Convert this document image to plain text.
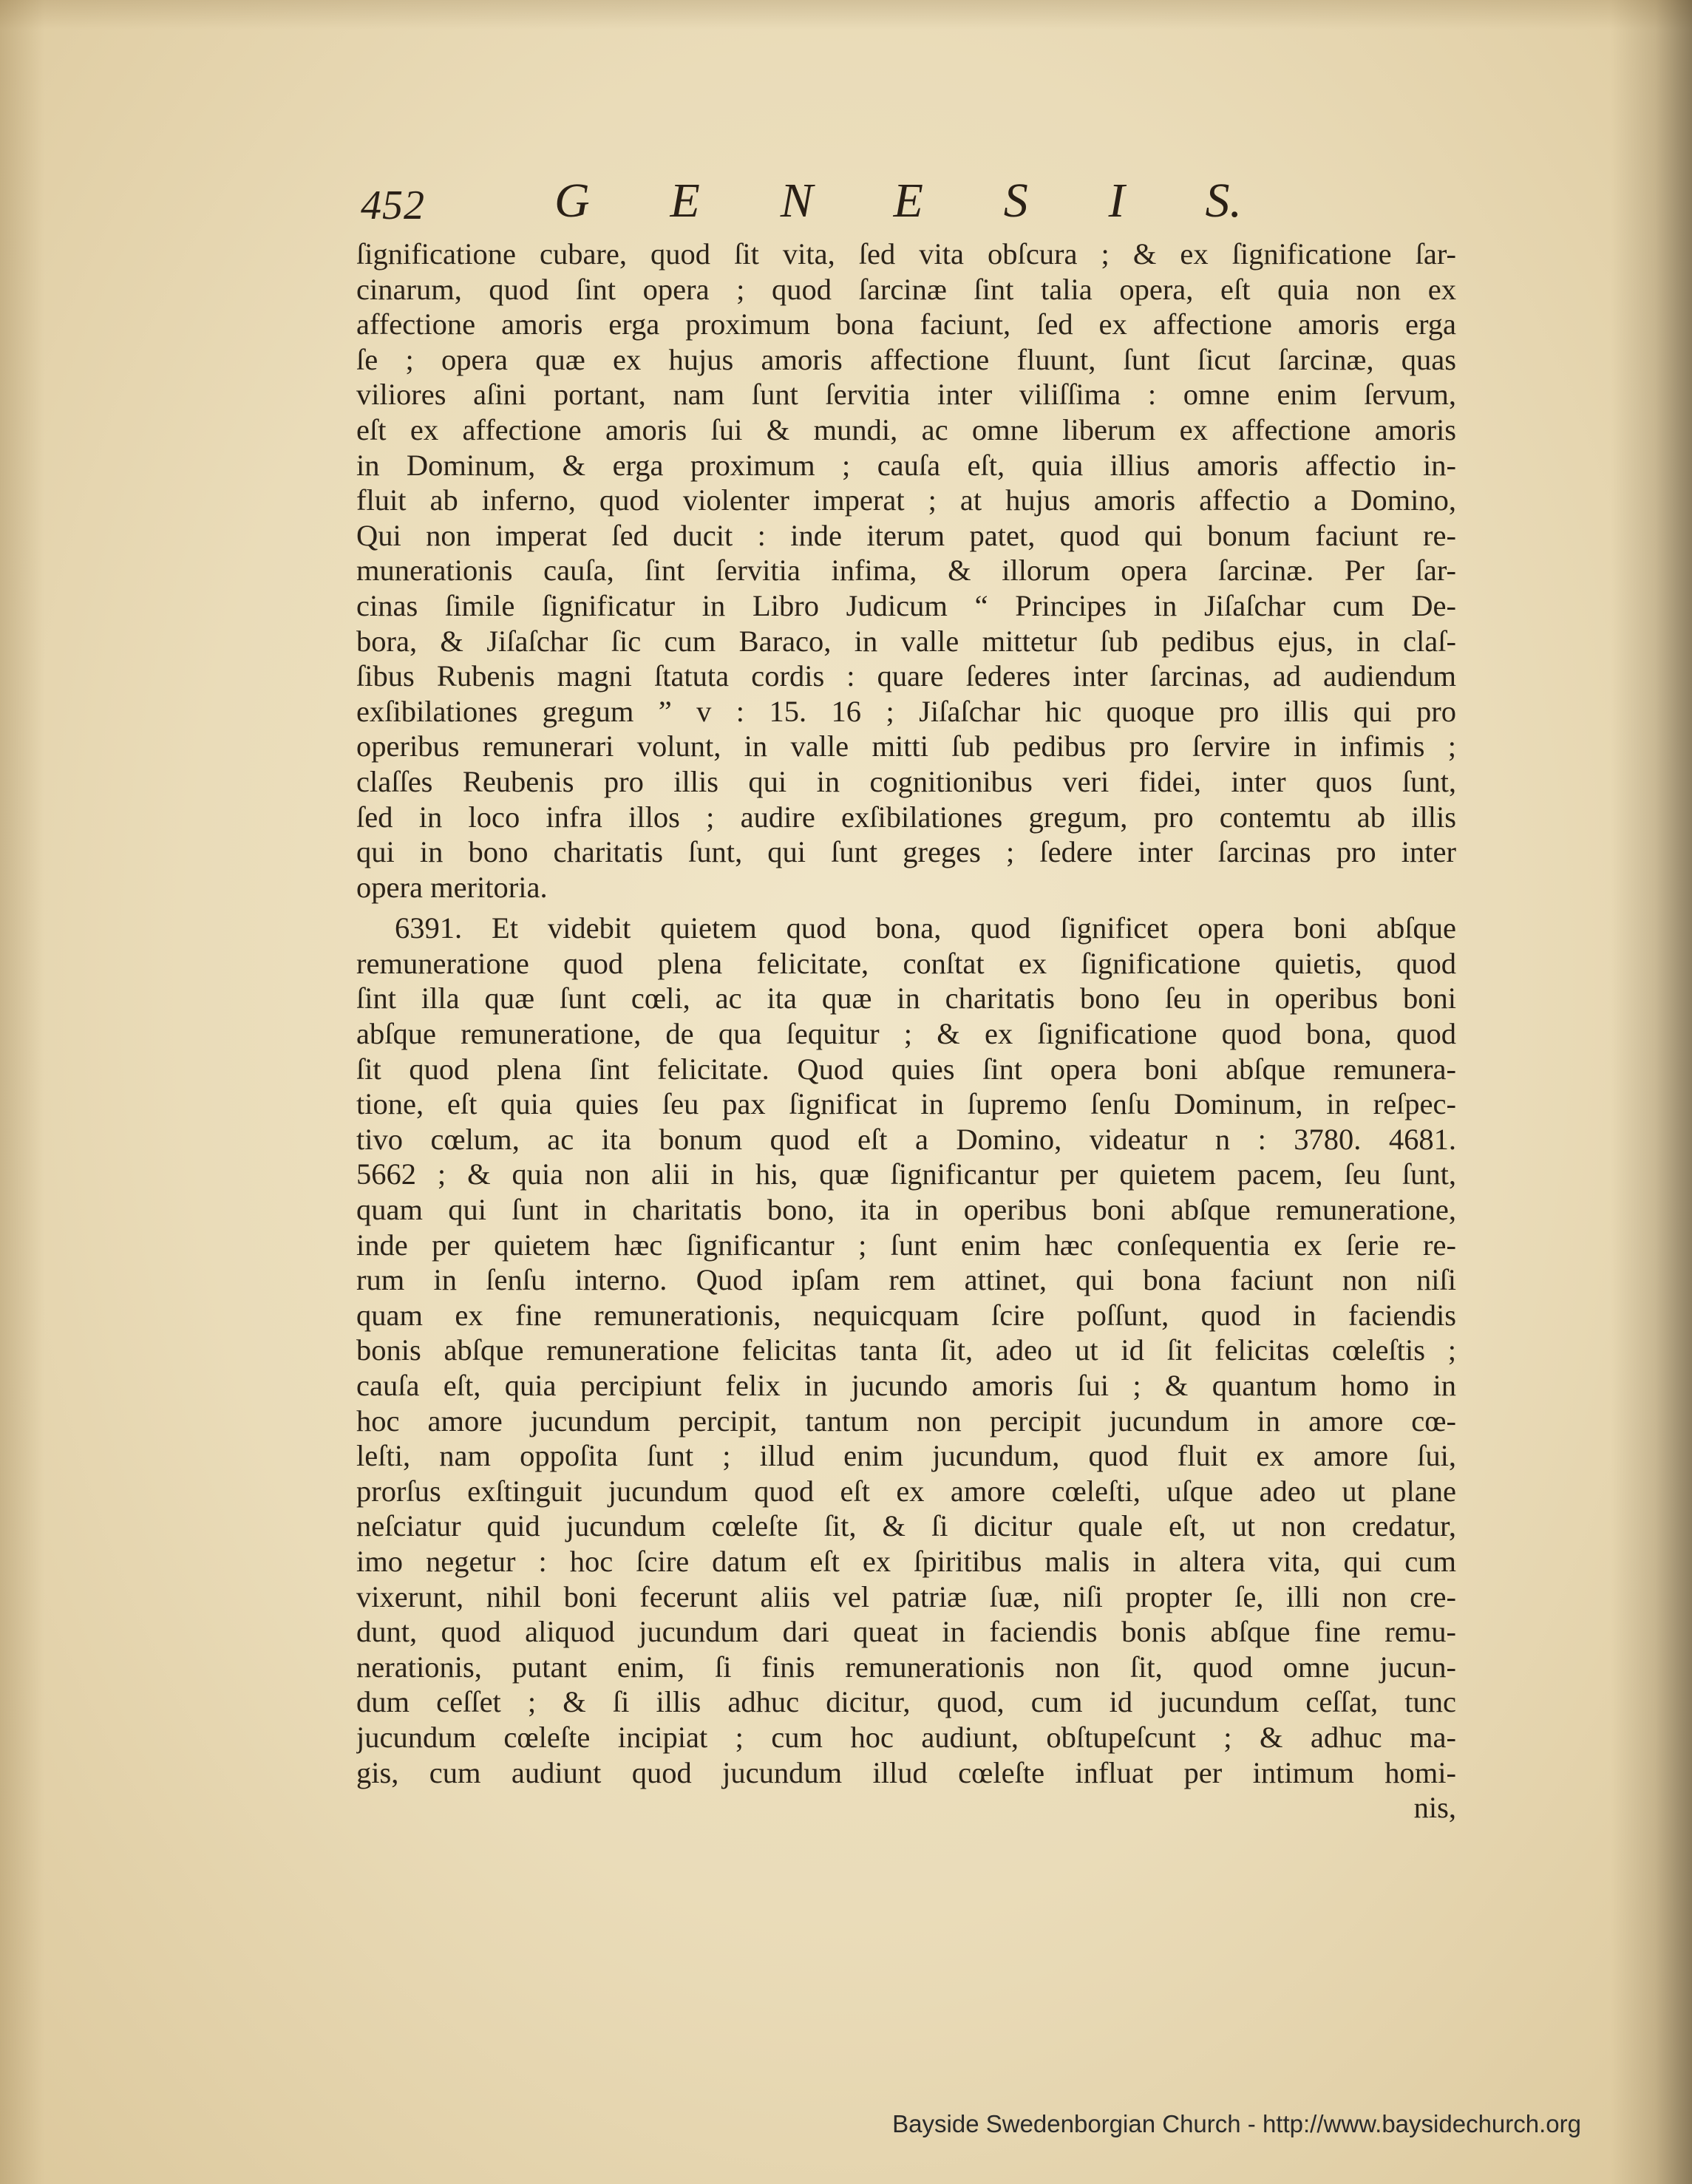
452	G E N E S I S.
ſignificatione cubare, quod ſit vita, ſed vita obſcura ; & ex ſignificatione ſar-
cinarum, quod ſint opera ; quod ſarcinæ ſint talia opera, eſt quia non ex
affectione amoris erga proximum bona faciunt, ſed ex affectione amoris erga
ſe ; opera quæ ex hujus amoris affectione fluunt, ſunt ſicut ſarcinæ, quas
viliores aſini portant, nam ſunt ſervitia inter viliſſima : omne enim ſervum,
eſt ex affectione amoris ſui & mundi, ac omne liberum ex affectione amoris
in Dominum, & erga proximum ; cauſa eſt, quia illius amoris affectio in-
fluit ab inferno, quod violenter imperat ; at hujus amoris affectio a Domino,
Qui non imperat ſed ducit : inde iterum patet, quod qui bonum faciunt re-
munerationis cauſa, ſint ſervitia infima, & illorum opera ſarcinæ. Per ſar-
cinas ſimile ſignificatur in Libro Judicum “ Principes in Jiſaſchar cum De-
bora, & Jiſaſchar ſic cum Baraco, in valle mittetur ſub pedibus ejus, in claſ-
ſibus Rubenis magni ſtatuta cordis : quare ſederes inter ſarcinas, ad audiendum
exſibilationes gregum ” v : 15. 16 ; Jiſaſchar hic quoque pro illis qui pro
operibus remunerari volunt, in valle mitti ſub pedibus pro ſervire in infimis ;
claſſes Reubenis pro illis qui in cognitionibus veri fidei, inter quos ſunt,
ſed in loco infra illos ; audire exſibilationes gregum, pro contemtu ab illis
qui in bono charitatis ſunt, qui ſunt greges ; ſedere inter ſarcinas pro inter
opera meritoria.
6391. Et videbit quietem quod bona, quod ſignificet opera boni abſque
remuneratione quod plena felicitate, conſtat ex ſignificatione quietis, quod
ſint illa quæ ſunt cœli, ac ita quæ in charitatis bono ſeu in operibus boni
abſque remuneratione, de qua ſequitur ; & ex ſignificatione quod bona, quod
ſit quod plena ſint felicitate. Quod quies ſint opera boni abſque remunera-
tione, eſt quia quies ſeu pax ſignificat in ſupremo ſenſu Dominum, in reſpec-
tivo cœlum, ac ita bonum quod eſt a Domino, videatur n : 3780. 4681.
5662 ; & quia non alii in his, quæ ſignificantur per quietem pacem, ſeu ſunt,
quam qui ſunt in charitatis bono, ita in operibus boni abſque remuneratione,
inde per quietem hæc ſignificantur ; ſunt enim hæc conſequentia ex ſerie re-
rum in ſenſu interno. Quod ipſam rem attinet, qui bona faciunt non niſi
quam ex fine remunerationis, nequicquam ſcire poſſunt, quod in faciendis
bonis abſque remuneratione felicitas tanta ſit, adeo ut id ſit felicitas cœleſtis ;
cauſa eſt, quia percipiunt felix in jucundo amoris ſui ; & quantum homo in
hoc amore jucundum percipit, tantum non percipit jucundum in amore cœ-
leſti, nam oppoſita ſunt ; illud enim jucundum, quod fluit ex amore ſui,
prorſus exſtinguit jucundum quod eſt ex amore cœleſti, uſque adeo ut plane
neſciatur quid jucundum cœleſte ſit, & ſi dicitur quale eſt, ut non credatur,
imo negetur : hoc ſcire datum eſt ex ſpiritibus malis in altera vita, qui cum
vixerunt, nihil boni fecerunt aliis vel patriæ ſuæ, niſi propter ſe, illi non cre-
dunt, quod aliquod jucundum dari queat in faciendis bonis abſque fine remu-
nerationis, putant enim, ſi finis remunerationis non ſit, quod omne jucun-
dum ceſſet ; & ſi illis adhuc dicitur, quod, cum id jucundum ceſſat, tunc
jucundum cœleſte incipiat ; cum hoc audiunt, obſtupeſcunt ; & adhuc ma-
gis, cum audiunt quod jucundum illud cœleſte influat per intimum homi-
nis,
Bayside Swedenborgian Church - http://www.baysidechurch.org
